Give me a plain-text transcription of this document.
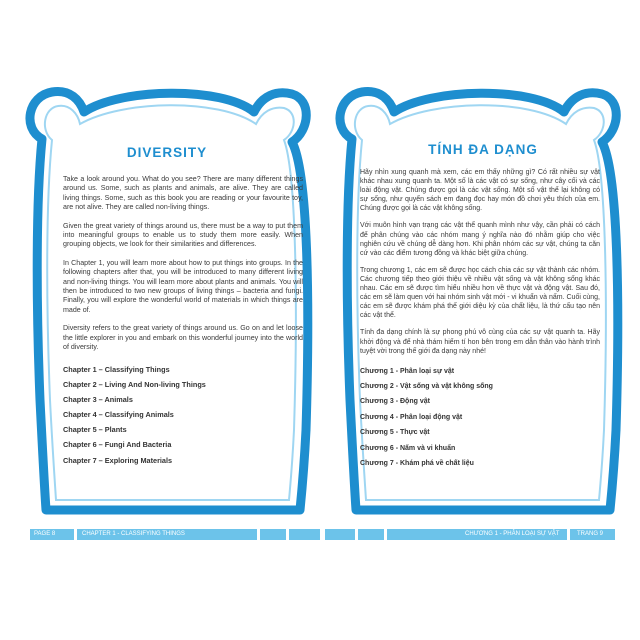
DIVERSITY

Take a look around you. What do you see? There are many different things around us. Some, such as plants and animals, are alive. They are called living things. Some, such as this book you are reading or your favourite toy, are not alive. They are called non-living things.

Given the great variety of things around us, there must be a way to put them into meaningful groups to enable us to study them more easily. When grouping objects, we look for their similarities and differences.

In Chapter 1, you will learn more about how to put things into groups. In the following chapters after that, you will be introduced to many different living and non-living things. You will learn more about plants and animals. You will then be introduced to two new groups of living things – bacteria and fungi. Finally, you will explore the wonderful world of materials in which things are made of.

Diversity refers to the great variety of things around us. Go on and let loose the little explorer in you and embark on this wonderful journey into the world of diversity.

Chapter 1 – Classifying Things
Chapter 2 – Living And Non-living Things
Chapter 3 – Animals
Chapter 4 – Classifying Animals
Chapter 5 – Plants
Chapter 6 – Fungi And Bacteria
Chapter 7 – Exploring Materials
PAGE 8	CHAPTER 1 - CLASSIFYING THINGS
TÍNH ĐA DẠNG

Hãy nhìn xung quanh mà xem, các em thấy những gì? Có rất nhiều sự vật khác nhau xung quanh ta. Một số là các vật có sự sống, như cây cối và các loài động vật. Chúng được gọi là các vật sống. Một số vật thể lại không có sự sống, như quyển sách em đang đọc hay món đồ chơi yêu thích của em. Chúng được gọi là các vật không sống.

Với muôn hình vạn trạng các vật thể quanh mình như vậy, cần phải có cách để phân chúng vào các nhóm mang ý nghĩa nào đó nhằm giúp cho việc nghiên cứu về chúng dễ dàng hơn. Khi phân nhóm các sự vật, chúng ta căn cứ vào các điểm tương đồng và khác biệt giữa chúng.

Trong chương 1, các em sẽ được học cách chia các sự vật thành các nhóm. Các chương tiếp theo giới thiệu về nhiều vật sống và vật không sống khác nhau. Các em sẽ được tìm hiểu nhiều hơn về thực vật và động vật. Sau đó, các em sẽ làm quen với hai nhóm sinh vật mới - vi khuẩn và nấm. Cuối cùng, các em sẽ được khám phá thế giới diệu kỳ của chất liệu, là thứ cấu tạo nên các vật thể.

Tính đa dạng chính là sự phong phú vô cùng của các sự vật quanh ta. Hãy khởi động và để nhà thám hiểm tí hon bên trong em dẫn thân vào hành trình tuyệt vời trong thế giới đa dạng này nhé!

Chương 1 - Phân loại sự vật
Chương 2 - Vật sống và vật không sống
Chương 3 - Động vật
Chương 4 - Phân loại động vật
Chương 5 - Thực vật
Chương 6 - Nấm và vi khuẩn
Chương 7 - Khám phá về chất liệu
CHƯƠNG 1 - PHÂN LOẠI SỰ VẬT	TRANG 9
